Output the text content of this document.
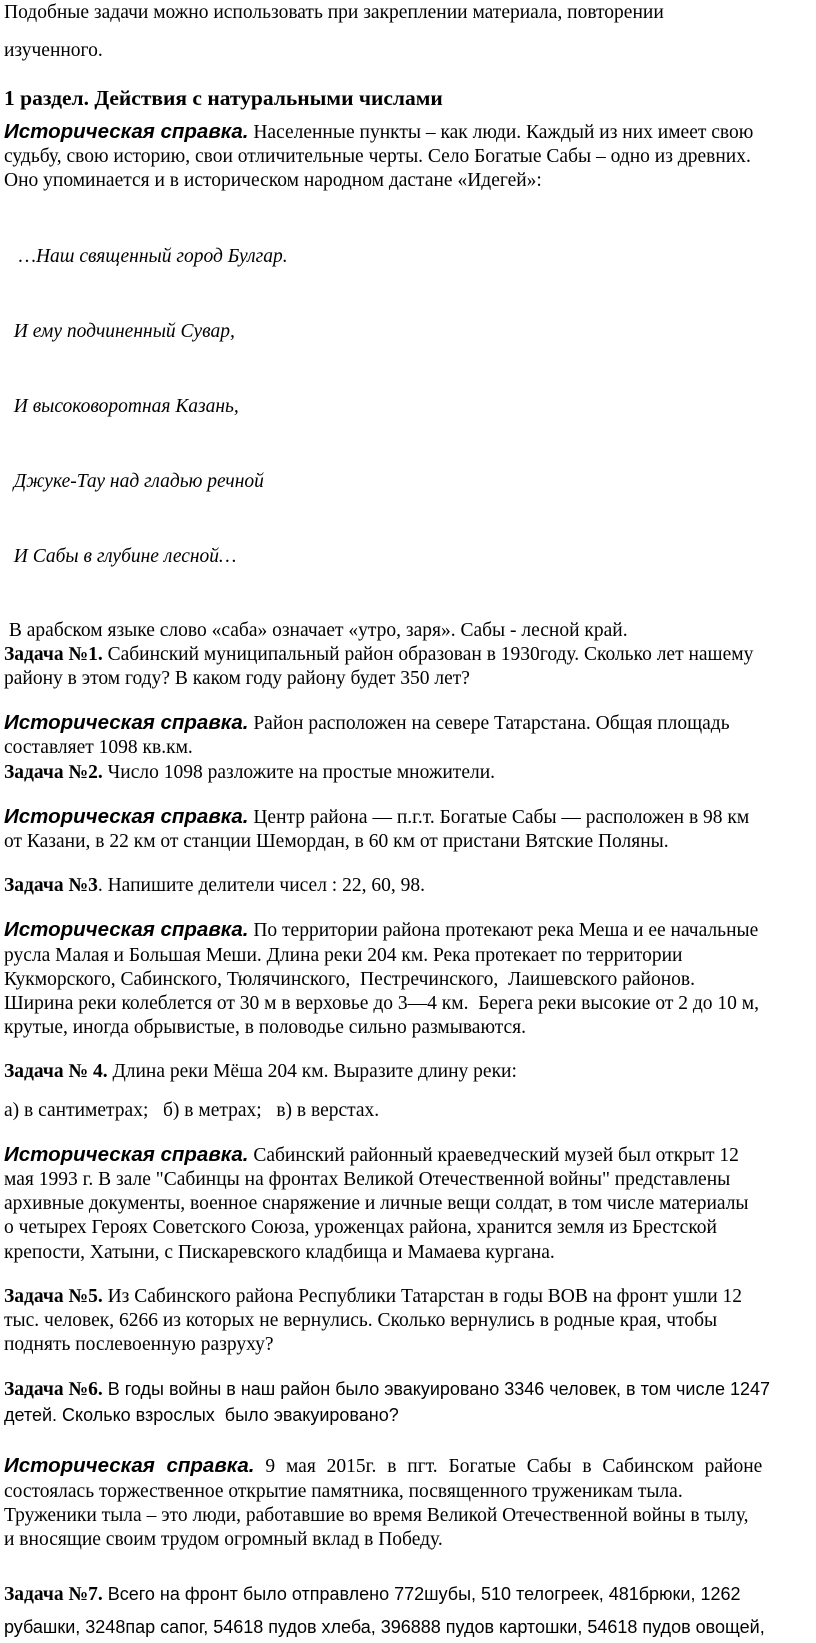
Подобные задачи можно использовать при закреплении материала, повторении

изученного.

1 раздел. Действия с натуральными числами

Историческая справка. Населенные пункты – как люди. Каждый из них имеет свою

судьбу, свою историю, свои отличительные черты. Село Богатые Сабы – одно из древних.

Оно упоминается и в историческом народном дастане «Идегей»:

…Наш священный город Булгар.

И ему подчиненный Сувар,

И высоковоротная Казань,

Джуке-Тау над гладью речной

И Сабы в глубине лесной…

В арабском языке слово «саба» означает «утро, заря». Сабы - лесной край.

Задача №1. Сабинский муниципальный район образован в 1930году. Сколько лет нашему

району в этом году? В каком году району будет 350 лет?

Историческая справка. Район расположен на севере Татарстана. Общая площадь

составляет 1098 кв.км.

Задача №2. Число 1098 разложите на простые множители.

Историческая справка. Центр района — п.г.т. Богатые Сабы — расположен в 98 км

от Казани, в 22 км от станции Шемордан, в 60 км от пристани Вятские Поляны.

Задача №3. Напишите делители чисел : 22, 60, 98.

Историческая справка. По территории района протекают река Меша и ее начальные

русла Малая и Большая Меши. Длина реки 204 км. Река протекает по территории

Кукморского, Сабинского, Тюлячинского,  Пестречинского,  Лаишевского районов.

Ширина реки колеблется от 30 м в верховье до 3—4 км.  Берега реки высокие от 2 до 10 м,

крутые, иногда обрывистые, в половодье сильно размываются.

Задача № 4. Длина реки Мёша 204 км. Выразите длину реки:

а) в сантиметрах;   б) в метрах;   в) в верстах.

Историческая справка. Сабинский районный краеведческий музей был открыт 12

мая 1993 г. В зале "Сабинцы на фронтах Великой Отечественной войны" представлены

архивные документы, военное снаряжение и личные вещи солдат, в том числе материалы

о четырех Героях Советского Союза, уроженцах района, хранится земля из Брестской

крепости, Хатыни, с Пискаревского кладбища и Мамаева кургана.

Задача №5. Из Сабинского района Республики Татарстан в годы ВОВ на фронт ушли 12

тыс. человек, 6266 из которых не вернулись. Сколько вернулись в родные края, чтобы

поднять послевоенную разруху?

Задача №6. В годы войны в наш район было эвакуировано 3346 человек, в том числе 1247

детей. Сколько взрослых  было эвакуировано?

Историческая справка. 9 мая 2015г. в пгт. Богатые Сабы в Сабинском районе

состоялась торжественное открытие памятника, посвященного труженикам тыла.

Труженики тыла – это люди, работавшие во время Великой Отечественной войны в тылу,

и вносящие своим трудом огромный вклад в Победу.

Задача №7. Всего на фронт было отправлено 772шубы, 510 телогреек, 481брюки, 1262

рубашки, 3248пар сапог, 54618 пудов хлеба, 396888 пудов картошки, 54618 пудов овощей,
